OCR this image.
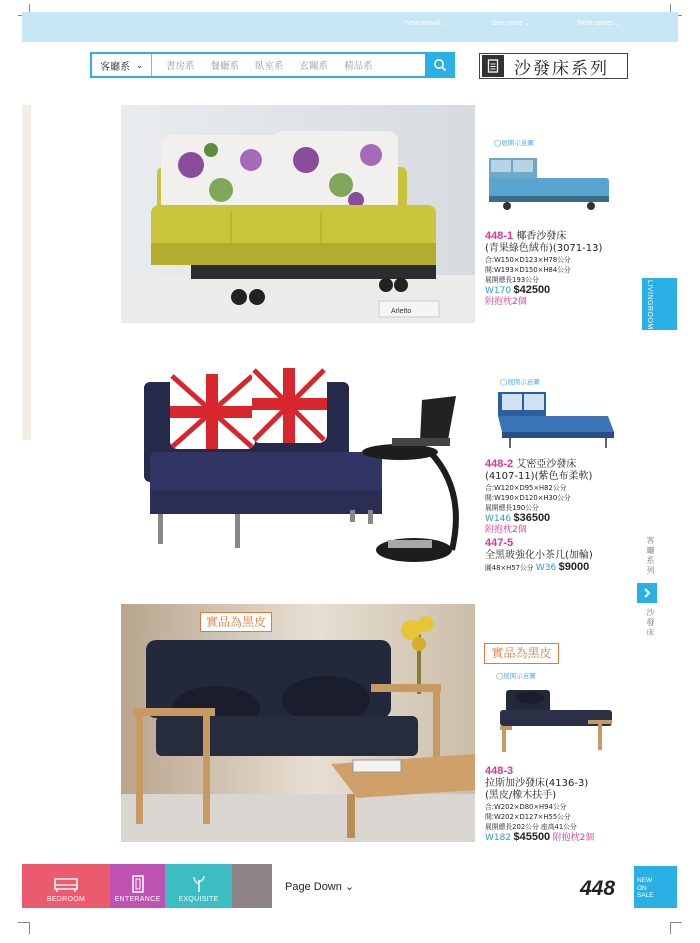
New arrival ⌄	See more ⌄	Next series ⌄
客廳系 ⌄ 書房系 餐廳系 臥室系 玄關系 精品系	沙發床系列
Arletto
◯展開示意圖
448-1 椰香沙發床
(青果綠色絨布)(3071-13)
合:W150×D123×H78公分
開:W193×D150×H84公分
展開總長193公分
W170 $42500
附抱枕2個
◯展開示意圖
448-2 艾密亞沙發床
(4107-11)(紫色布柔軟)
合:W120×D95×H82公分
開:W190×D120×H30公分
展開總長190公分
W146 $36500
附抱枕2個
447-5
全黑玻強化小茶几(加輪)
圓48×H57公分 W36 $9000
實品為黑皮
實品為黑皮
◯展開示意圖
448-3
拉斯加沙發床(4136-3)
(黑皮/橡木扶手)
合:W202×D80×H94公分
開:W202×D127×H55公分
展開總長202公分 座高41公分
W182 $45500 附抱枕2個
LIVINGROOM
客廳系列
沙發床
BEDROOM	ENTERANCE	EXQUISITE
Page Down ⌄	448	NEW
ON
SALE
